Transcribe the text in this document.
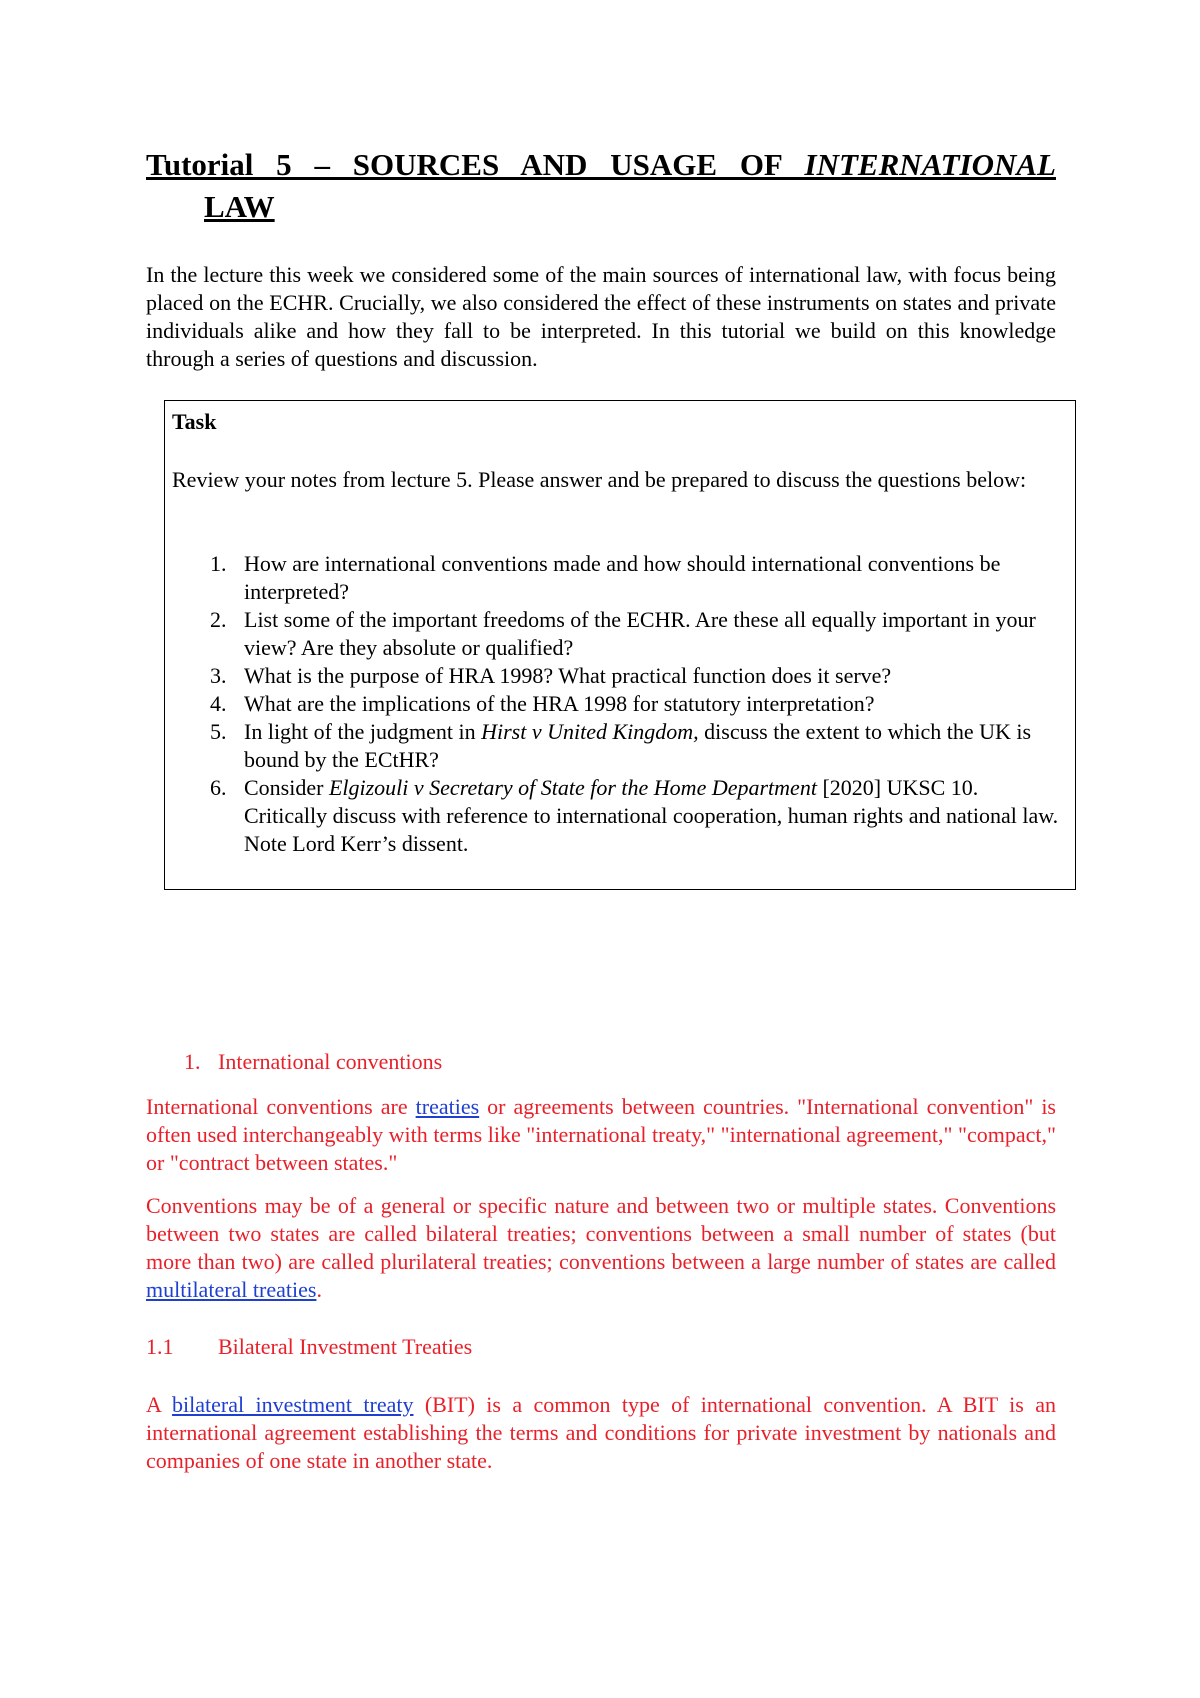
Tutorial 5 – SOURCES AND USAGE OF INTERNATIONAL
LAW

In the lecture this week we considered some of the main sources of international law, with focus being placed on the ECHR. Crucially, we also considered the effect of these instruments on states and private individuals alike and how they fall to be interpreted. In this tutorial we build on this knowledge through a series of questions and discussion.

Task

Review your notes from lecture 5. Please answer and be prepared to discuss the questions below:

1. How are international conventions made and how should international conventions be interpreted?
2. List some of the important freedoms of the ECHR. Are these all equally important in your view? Are they absolute or qualified?
3. What is the purpose of HRA 1998? What practical function does it serve?
4. What are the implications of the HRA 1998 for statutory interpretation?
5. In light of the judgment in Hirst v United Kingdom, discuss the extent to which the UK is bound by the ECtHR?
6. Consider Elgizouli v Secretary of State for the Home Department [2020] UKSC 10. Critically discuss with reference to international cooperation, human rights and national law. Note Lord Kerr’s dissent.
1. International conventions

International conventions are treaties or agreements between countries. "International convention" is often used interchangeably with terms like "international treaty," "international agreement," "compact," or "contract between states."

Conventions may be of a general or specific nature and between two or multiple states. Conventions between two states are called bilateral treaties; conventions between a small number of states (but more than two) are called plurilateral treaties; conventions between a large number of states are called multilateral treaties.

1.1 Bilateral Investment Treaties

A bilateral investment treaty (BIT) is a common type of international convention. A BIT is an international agreement establishing the terms and conditions for private investment by nationals and companies of one state in another state.
